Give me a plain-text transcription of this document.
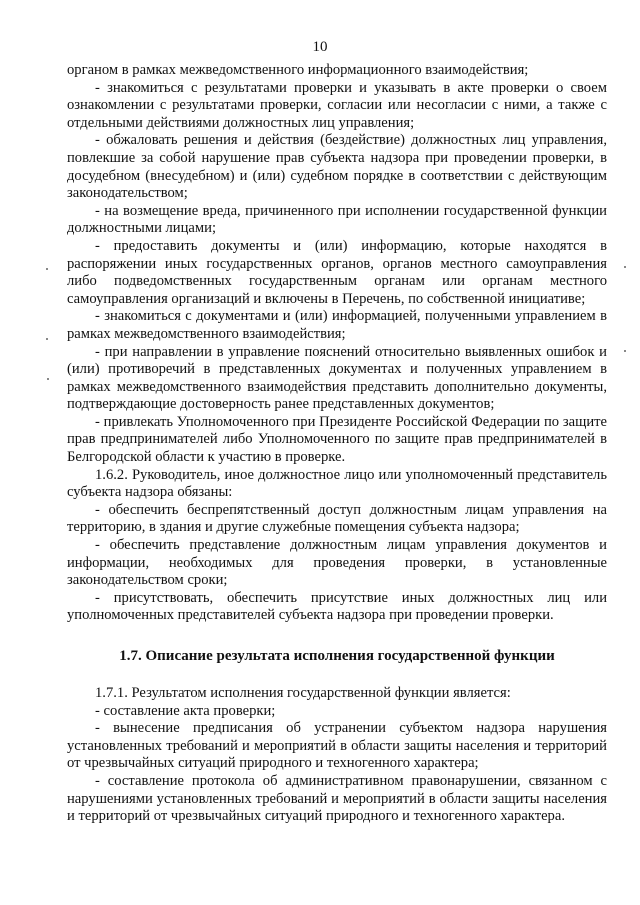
10

органом в рамках межведомственного информационного взаимодействия;

- знакомиться с результатами проверки и указывать в акте проверки о своем ознакомлении с результатами проверки, согласии или несогласии с ними, а также с отдельными действиями должностных лиц управления;

- обжаловать решения и действия (бездействие) должностных лиц управления, повлекшие за собой нарушение прав субъекта надзора при проведении проверки, в досудебном (внесудебном) и (или) судебном порядке в соответствии с действующим законодательством;

- на возмещение вреда, причиненного при исполнении государственной функции должностными лицами;

- предоставить документы и (или) информацию, которые находятся в распоряжении иных государственных органов, органов местного самоуправления либо подведомственных государственным органам или органам местного самоуправления организаций и включены в Перечень, по собственной инициативе;

- знакомиться с документами и (или) информацией, полученными управлением в рамках межведомственного взаимодействия;

- при направлении в управление пояснений относительно выявленных ошибок и (или) противоречий в представленных документах и полученных управлением в рамках межведомственного взаимодействия представить дополнительно документы, подтверждающие достоверность ранее представленных документов;

- привлекать Уполномоченного при Президенте Российской Федерации по защите прав предпринимателей либо Уполномоченного по защите прав предпринимателей в Белгородской области к участию в проверке.

1.6.2. Руководитель, иное должностное лицо или уполномоченный представитель субъекта надзора обязаны:

- обеспечить беспрепятственный доступ должностным лицам управления на территорию, в здания и другие служебные помещения субъекта надзора;

- обеспечить представление должностным лицам управления документов и информации, необходимых для проведения проверки, в установленные законодательством сроки;

- присутствовать, обеспечить присутствие иных должностных лиц или уполномоченных представителей субъекта надзора при проведении проверки.

1.7. Описание результата исполнения государственной функции

1.7.1. Результатом исполнения государственной функции является:

- составление акта проверки;

- вынесение предписания об устранении субъектом надзора нарушения установленных требований и мероприятий в области защиты населения и территорий от чрезвычайных ситуаций природного и техногенного характера;

- составление протокола об административном правонарушении, связанном с нарушениями установленных требований и мероприятий в области защиты населения и территорий от чрезвычайных ситуаций природного и техногенного характера.
